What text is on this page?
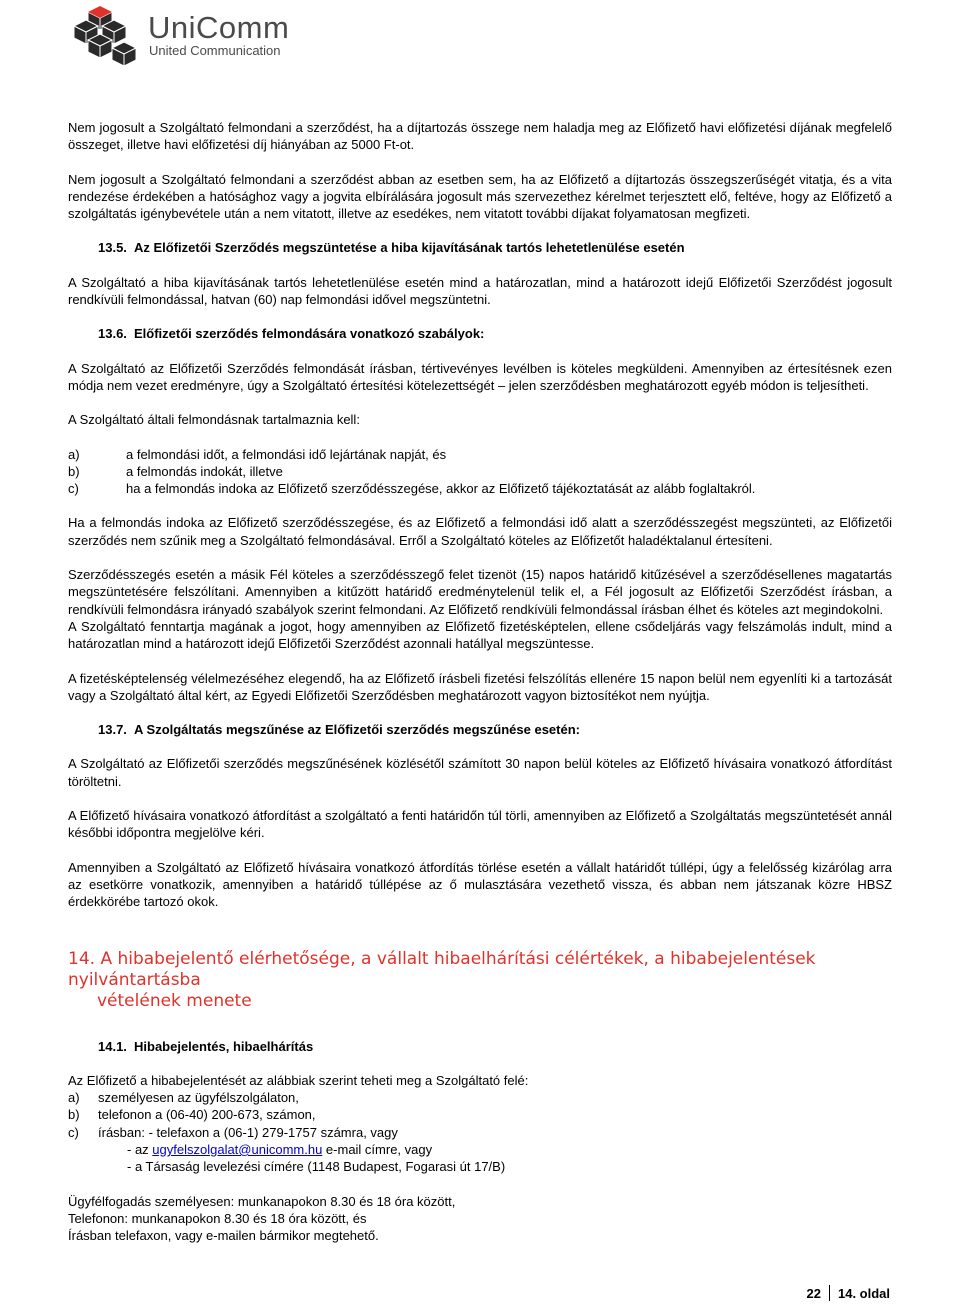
UniComm
United Communication

Nem jogosult a Szolgáltató felmondani a szerződést, ha a díjtartozás összege nem haladja meg az Előfizető havi előfizetési díjának megfelelő összeget, illetve havi előfizetési díj hiányában az 5000 Ft-ot.

Nem jogosult a Szolgáltató felmondani a szerződést abban az esetben sem, ha az Előfizető a díjtartozás összegszerűségét vitatja, és a vita rendezése érdekében a hatósághoz vagy a jogvita elbírálására jogosult más szervezethez kérelmet terjesztett elő, feltéve, hogy az Előfizető a szolgáltatás igénybevétele után a nem vitatott, illetve az esedékes, nem vitatott további díjakat folyamatosan megfizeti.

13.5. Az Előfizetői Szerződés megszüntetése a hiba kijavításának tartós lehetetlenülése esetén

A Szolgáltató a hiba kijavításának tartós lehetetlenülése esetén mind a határozatlan, mind a határozott idejű Előfizetői Szerződést jogosult rendkívüli felmondással, hatvan (60) nap felmondási idővel megszüntetni.

13.6. Előfizetői szerződés felmondására vonatkozó szabályok:

A Szolgáltató az Előfizetői Szerződés felmondását írásban, tértivevényes levélben is köteles megküldeni. Amennyiben az értesítésnek ezen módja nem vezet eredményre, úgy a Szolgáltató értesítési kötelezettségét – jelen szerződésben meghatározott egyéb módon is teljesítheti.

A Szolgáltató általi felmondásnak tartalmaznia kell:

a)	a felmondási időt, a felmondási idő lejártának napját, és
b)	a felmondás indokát, illetve
c)	ha a felmondás indoka az Előfizető szerződésszegése, akkor az Előfizető tájékoztatását az alább foglaltakról.

Ha a felmondás indoka az Előfizető szerződésszegése, és az Előfizető a felmondási idő alatt a szerződésszegést megszünteti, az Előfizetői szerződés nem szűnik meg a Szolgáltató felmondásával. Erről a Szolgáltató köteles az Előfizetőt haladéktalanul értesíteni.

Szerződésszegés esetén a másik Fél köteles a szerződésszegő felet tizenöt (15) napos határidő kitűzésével a szerződésellenes magatartás megszüntetésére felszólítani. Amennyiben a kitűzött határidő eredménytelenül telik el, a Fél jogosult az Előfizetői Szerződést írásban, a rendkívüli felmondásra irányadó szabályok szerint felmondani. Az Előfizető rendkívüli felmondással írásban élhet és köteles azt megindokolni.

A Szolgáltató fenntartja magának a jogot, hogy amennyiben az Előfizető fizetésképtelen, ellene csődeljárás vagy felszámolás indult, mind a határozatlan mind a határozott idejű Előfizetői Szerződést azonnali hatállyal megszüntesse.

A fizetésképtelenség vélelmezéséhez elegendő, ha az Előfizető írásbeli fizetési felszólítás ellenére 15 napon belül nem egyenlíti ki a tartozását vagy a Szolgáltató által kért, az Egyedi Előfizetői Szerződésben meghatározott vagyon biztosítékot nem nyújtja.

13.7. A Szolgáltatás megszűnése az Előfizetői szerződés megszűnése esetén:

A Szolgáltató az Előfizetői szerződés megszűnésének közlésétől számított 30 napon belül köteles az Előfizető hívásaira vonatkozó átfordítást töröltetni.

A Előfizető hívásaira vonatkozó átfordítást a szolgáltató a fenti határidőn túl törli, amennyiben az Előfizető a Szolgáltatás megszüntetését annál későbbi időpontra megjelölve kéri.

Amennyiben a Szolgáltató az Előfizető hívásaira vonatkozó átfordítás törlése esetén a vállalt határidőt túllépi, úgy a felelősség kizárólag arra az esetkörre vonatkozik, amennyiben a határidő túllépése az ő mulasztására vezethető vissza, és abban nem játszanak közre HBSZ érdekkörébe tartozó okok.

14. A hibabejelentő elérhetősége, a vállalt hibaelhárítási célértékek, a hibabejelentések nyilvántartásba
vételének menete

14.1. Hibabejelentés, hibaelhárítás

Az Előfizető a hibabejelentését az alábbiak szerint teheti meg a Szolgáltató felé:

a)	személyesen az ügyfélszolgálaton,
b)	telefonon a (06-40) 200-673, számon,
c)	írásban: - telefaxon a (06-1) 279-1757 számra, vagy
- az ugyfelszolgalat@unicomm.hu e-mail címre, vagy
- a Társaság levelezési címére (1148 Budapest, Fogarasi út 17/B)
Ügyfélfogadás személyesen: munkanapokon 8.30 és 18 óra között,
Telefonon: munkanapokon 8.30 és 18 óra között, és
Írásban telefaxon, vagy e-mailen bármikor megtehető.
22 14. oldal
